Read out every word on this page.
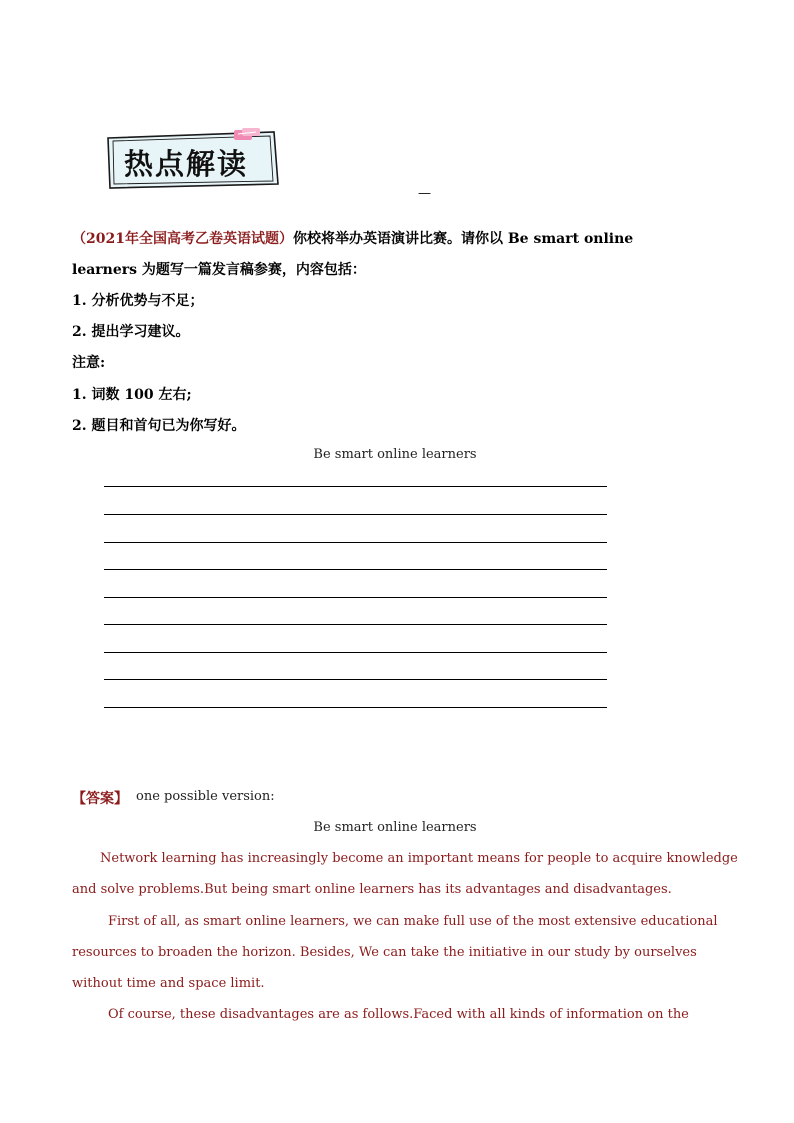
热点解读
—
（2021年全国高考乙卷英语试题）你校将举办英语演讲比赛。请你以 Be smart online
learners 为题写一篇发言稿参赛，内容包括：
1. 分析优势与不足；
2. 提出学习建议。
注意:
1. 词数 100 左右;
2. 题目和首句已为你写好。
Be smart online learners
【答案】 one possible version:
Be smart online learners
Network learning has increasingly become an important means for people to acquire knowledge
and solve problems.But being smart online learners has its advantages and disadvantages.
First of all, as smart online learners, we can make full use of the most extensive educational
resources to broaden the horizon. Besides, We can take the initiative in our study by ourselves
without time and space limit.
Of course, these disadvantages are as follows.Faced with all kinds of information on the
